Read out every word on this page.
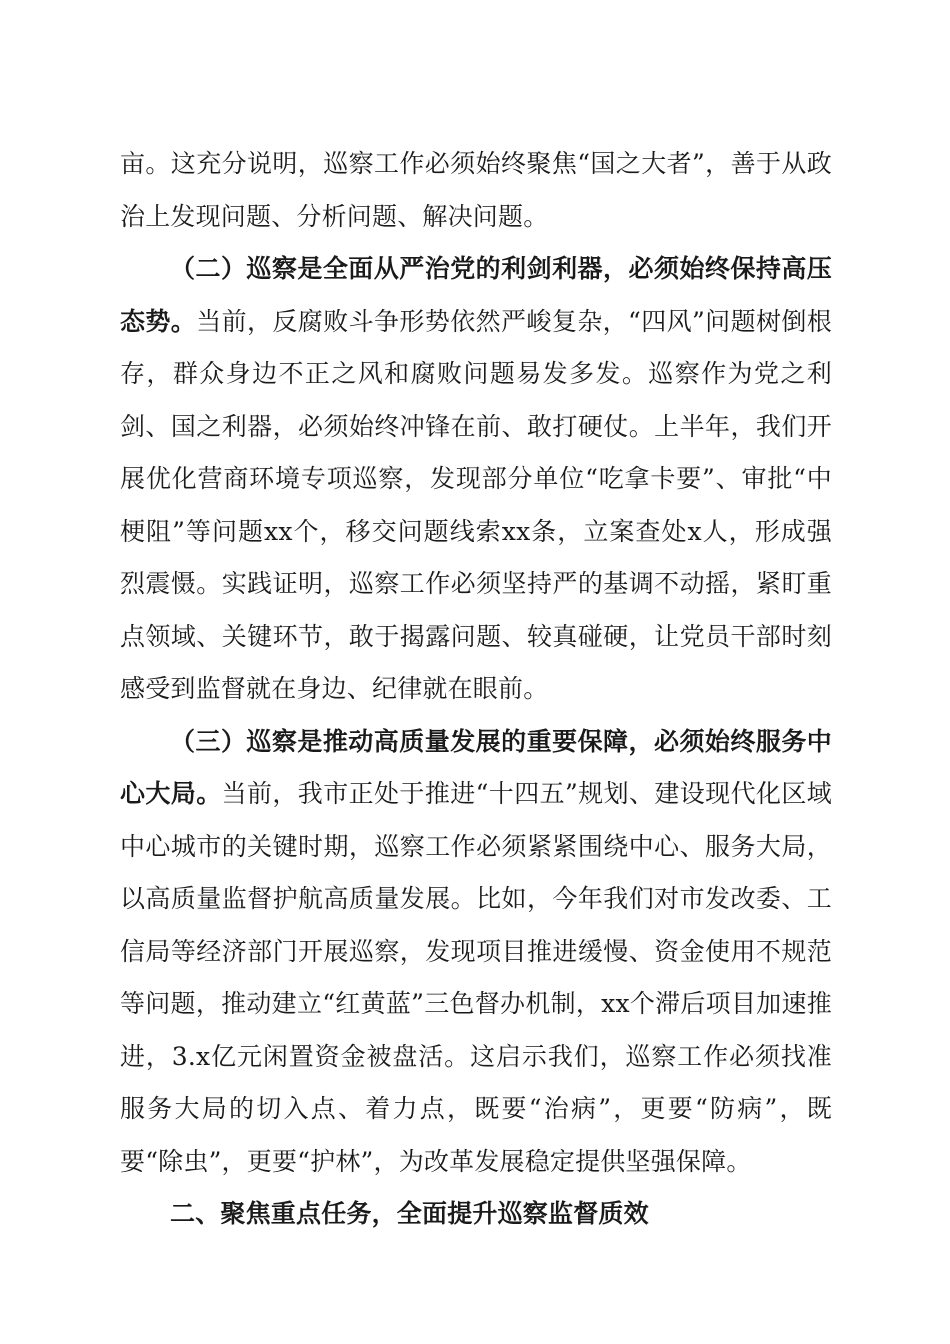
亩。这充分说明，巡察工作必须始终聚焦“国之大者”，善于从政治上发现问题、分析问题、解决问题。

（二）巡察是全面从严治党的利剑利器，必须始终保持高压态势。当前，反腐败斗争形势依然严峻复杂，“四风”问题树倒根存，群众身边不正之风和腐败问题易发多发。巡察作为党之利剑、国之利器，必须始终冲锋在前、敢打硬仗。上半年，我们开展优化营商环境专项巡察，发现部分单位“吃拿卡要”、审批“中梗阻”等问题xx个，移交问题线索xx条，立案查处x人，形成强烈震慑。实践证明，巡察工作必须坚持严的基调不动摇，紧盯重点领域、关键环节，敢于揭露问题、较真碰硬，让党员干部时刻感受到监督就在身边、纪律就在眼前。

（三）巡察是推动高质量发展的重要保障，必须始终服务中心大局。当前，我市正处于推进“十四五”规划、建设现代化区域中心城市的关键时期，巡察工作必须紧紧围绕中心、服务大局，以高质量监督护航高质量发展。比如，今年我们对市发改委、工信局等经济部门开展巡察，发现项目推进缓慢、资金使用不规范等问题，推动建立“红黄蓝”三色督办机制，xx个滞后项目加速推进，3.x亿元闲置资金被盘活。这启示我们，巡察工作必须找准服务大局的切入点、着力点，既要“治病”，更要“防病”，既要“除虫”，更要“护林”，为改革发展稳定提供坚强保障。

二、聚焦重点任务，全面提升巡察监督质效
